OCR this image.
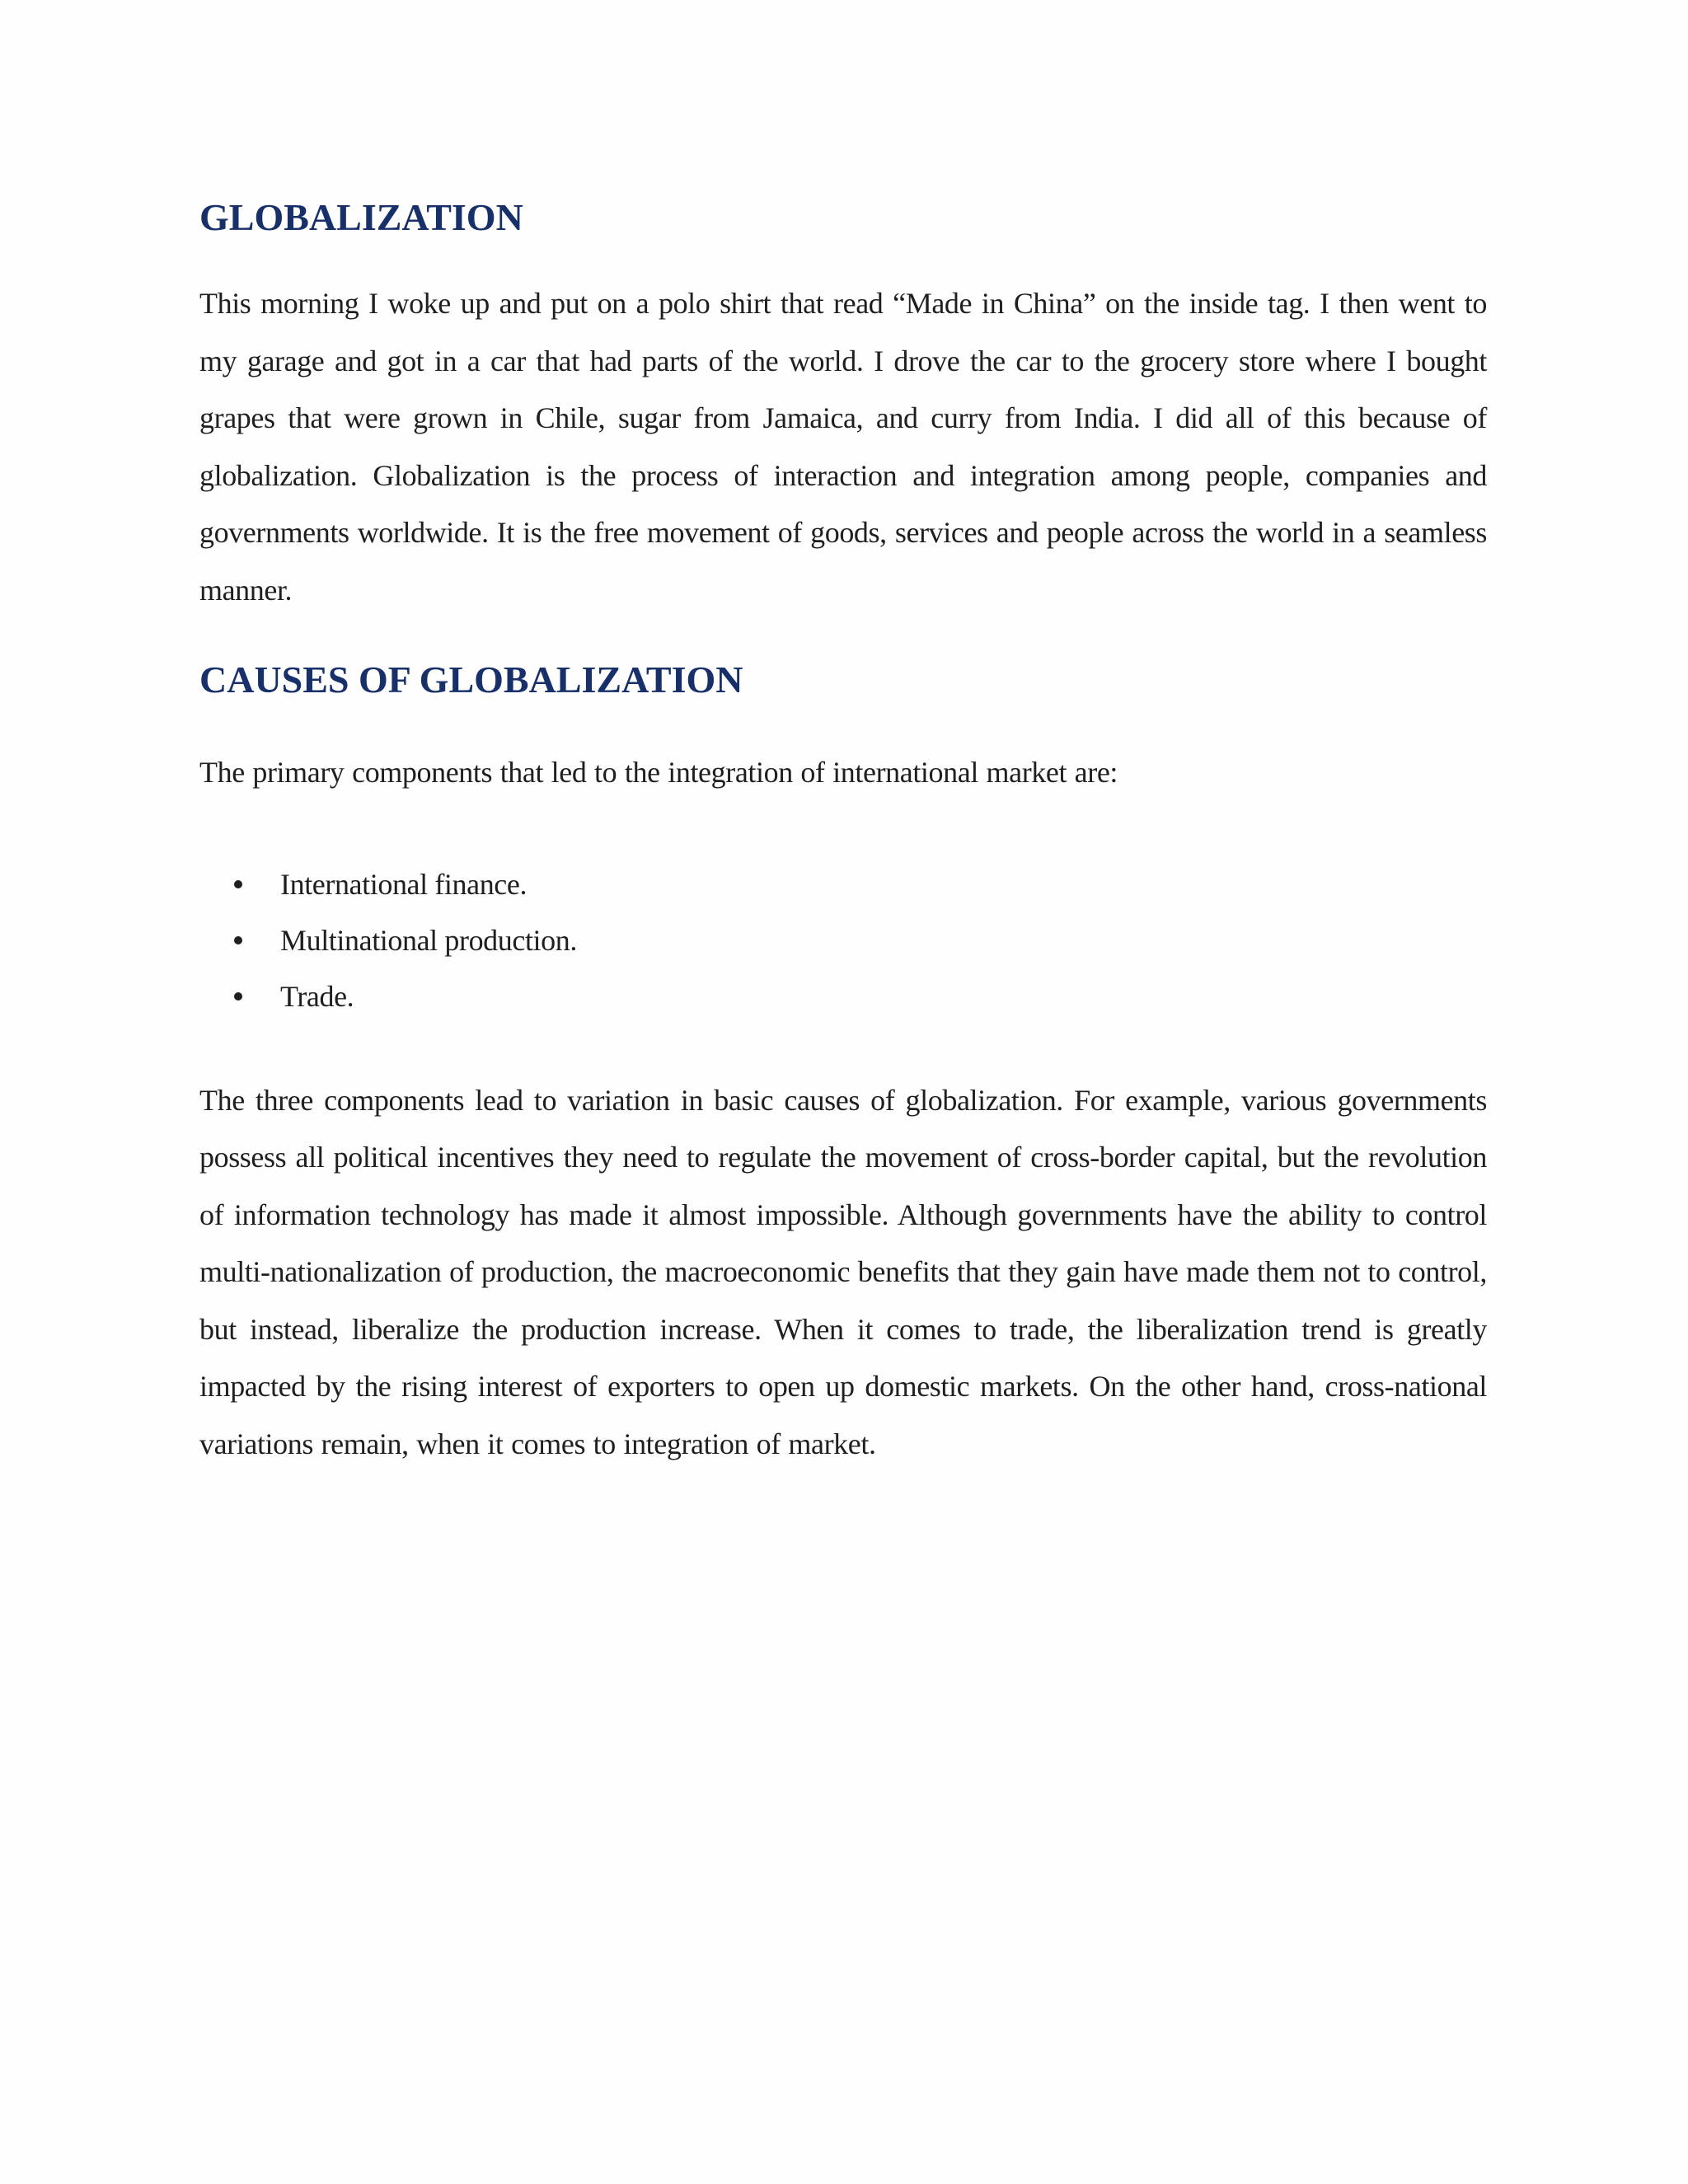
GLOBALIZATION

This morning I woke up and put on a polo shirt that read “Made in China” on the inside tag. I then went to my garage and got in a car that had parts of the world. I drove the car to the grocery store where I bought grapes that were grown in Chile, sugar from Jamaica, and curry from India. I did all of this because of globalization. Globalization is the process of interaction and integration among people, companies and governments worldwide. It is the free movement of goods, services and people across the world in a seamless manner.

CAUSES OF GLOBALIZATION

The primary components that led to the integration of international market are:

International finance.
Multinational production.
Trade.

The three components lead to variation in basic causes of globalization. For example, various governments possess all political incentives they need to regulate the movement of cross-border capital, but the revolution of information technology has made it almost impossible. Although governments have the ability to control multi-nationalization of production, the macroeconomic benefits that they gain have made them not to control, but instead, liberalize the production increase. When it comes to trade, the liberalization trend is greatly impacted by the rising interest of exporters to open up domestic markets. On the other hand, cross-national variations remain, when it comes to integration of market.
